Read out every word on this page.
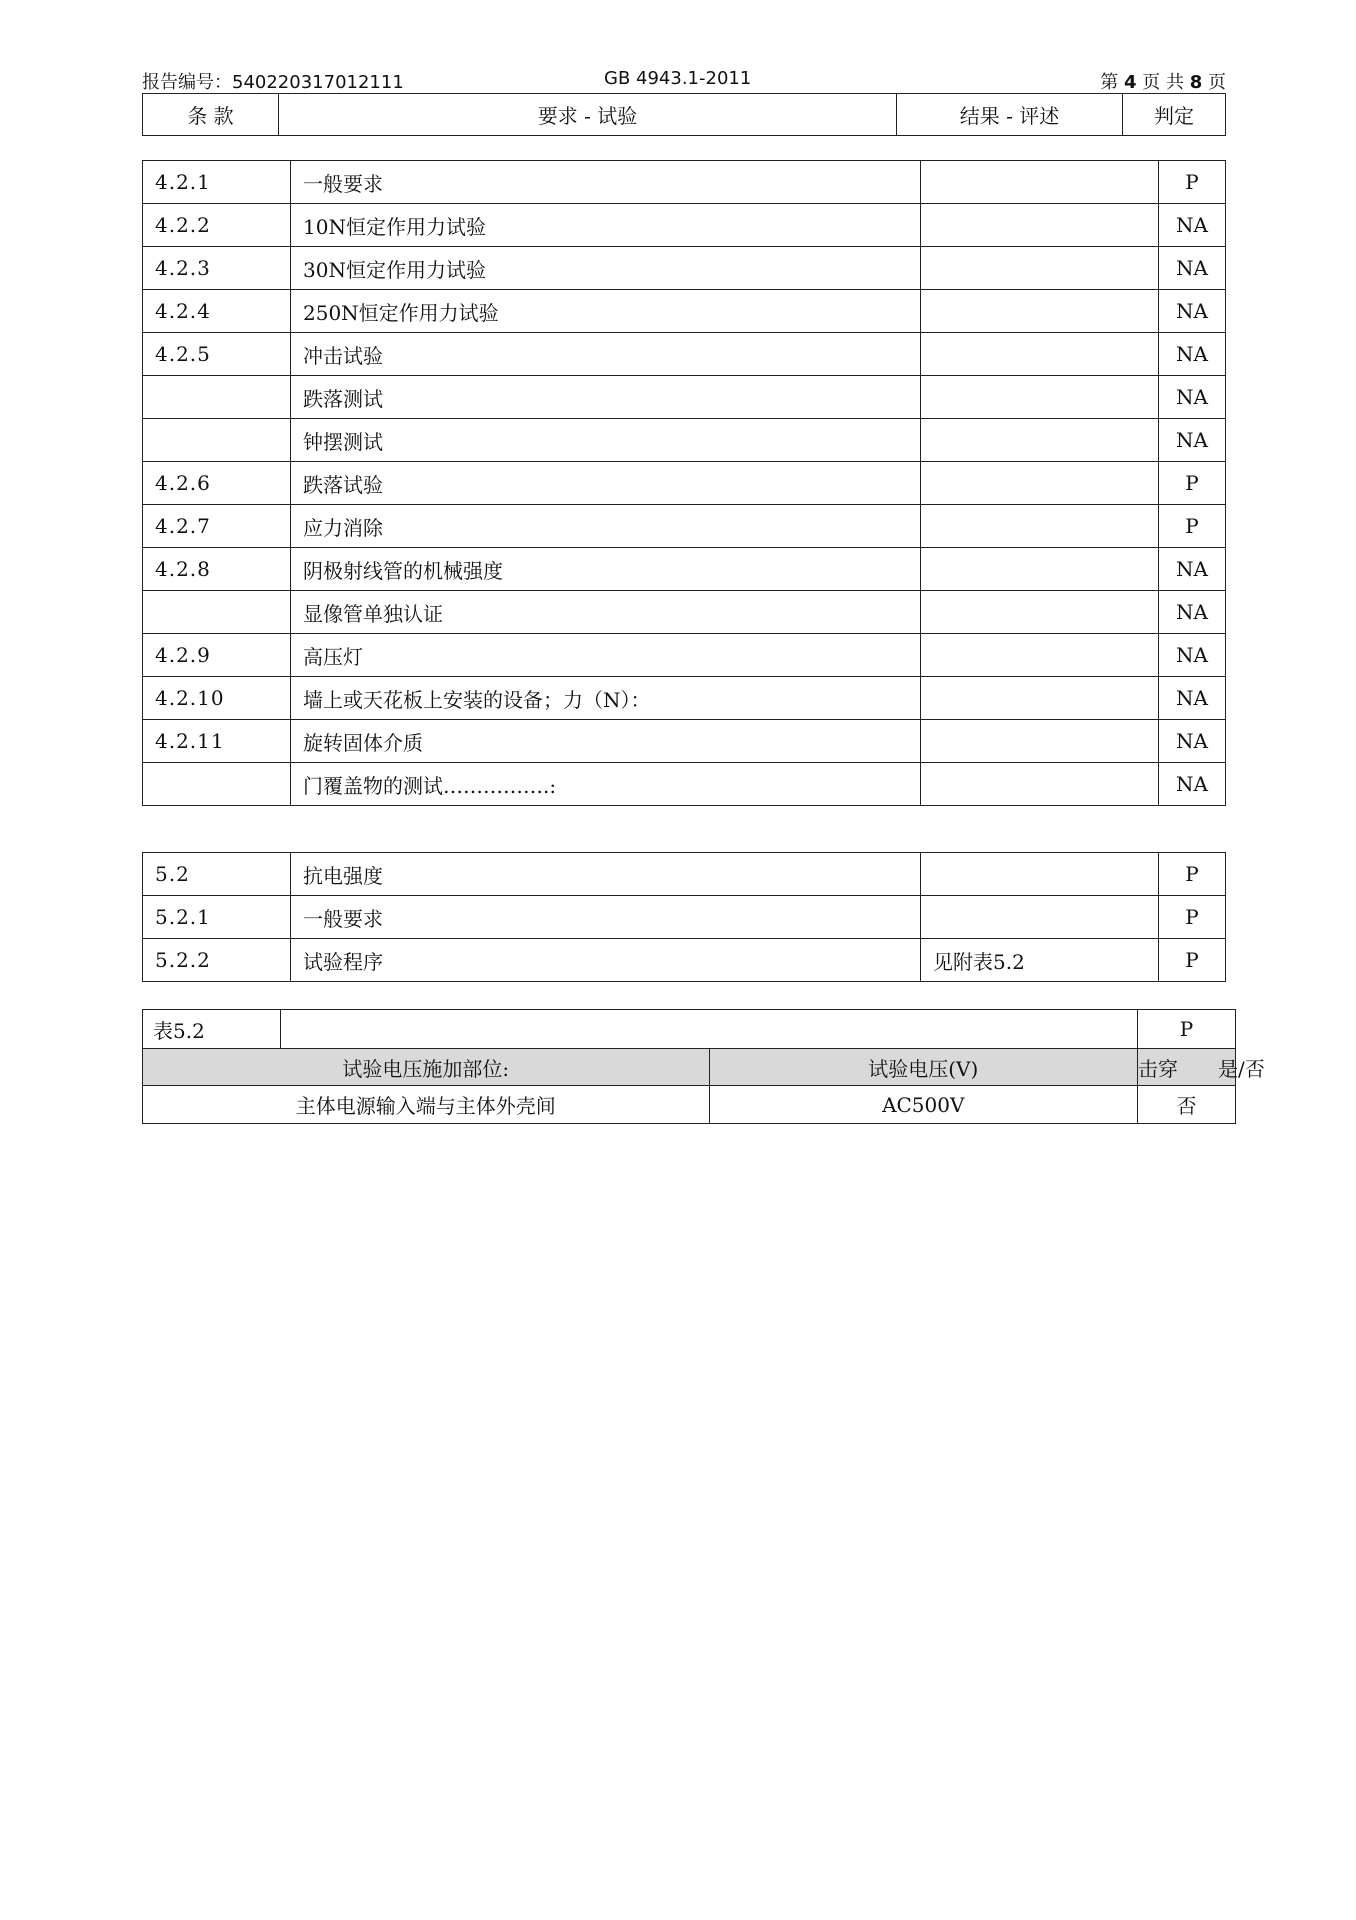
报告编号：540220317012111	GB 4943.1-2011	第 4 页 共 8 页
条 款	要求 - 试验	结果 - 评述	判定
4.2.1	一般要求		P
4.2.2	10N恒定作用力试验		NA
4.2.3	30N恒定作用力试验		NA
4.2.4	250N恒定作用力试验		NA
4.2.5	冲击试验		NA
	跌落测试		NA
	钟摆测试		NA
4.2.6	跌落试验		P
4.2.7	应力消除		P
4.2.8	阴极射线管的机械强度		NA
	显像管单独认证		NA
4.2.9	高压灯		NA
4.2.10	墙上或天花板上安装的设备；力（N）：		NA
4.2.11	旋转固体介质		NA
	门覆盖物的测试…………….:		NA
5.2	抗电强度		P
5.2.1	一般要求		P
5.2.2	试验程序	见附表5.2	P
表5.2			P
试验电压施加部位:		试验电压(V)	击穿　　是/否
主体电源输入端与主体外壳间		AC500V	否
